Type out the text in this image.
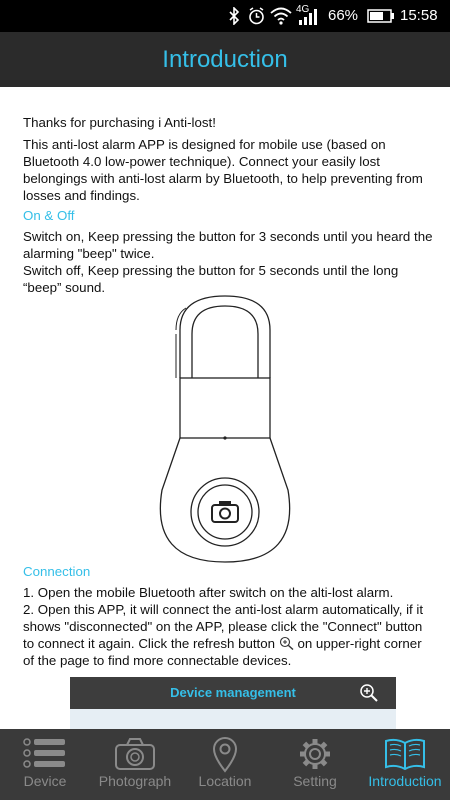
4G 66%	15:58
Introduction
Thanks for purchasing i Anti-lost!
This anti-lost alarm APP is designed for mobile use (based on Bluetooth 4.0 low-power technique). Connect your easily lost belongings with anti-lost alarm by Bluetooth, to help preventing from losses and findings.
On & Off
Switch on, Keep pressing the button for 3 seconds until you heard the alarming "beep" twice.
Switch off, Keep pressing the button for 5 seconds until the long “beep” sound.
Connection
1. Open the mobile Bluetooth after switch on the alti-lost alarm.
2. Open this APP, it will connect the anti-lost alarm automatically, if it shows "disconnected" on the APP, please click the "Connect" button to connect it again. Click the refresh button  on upper-right corner of the page to find more connectable devices.
Device management
Device	Photograph	Location	Setting	Introduction
